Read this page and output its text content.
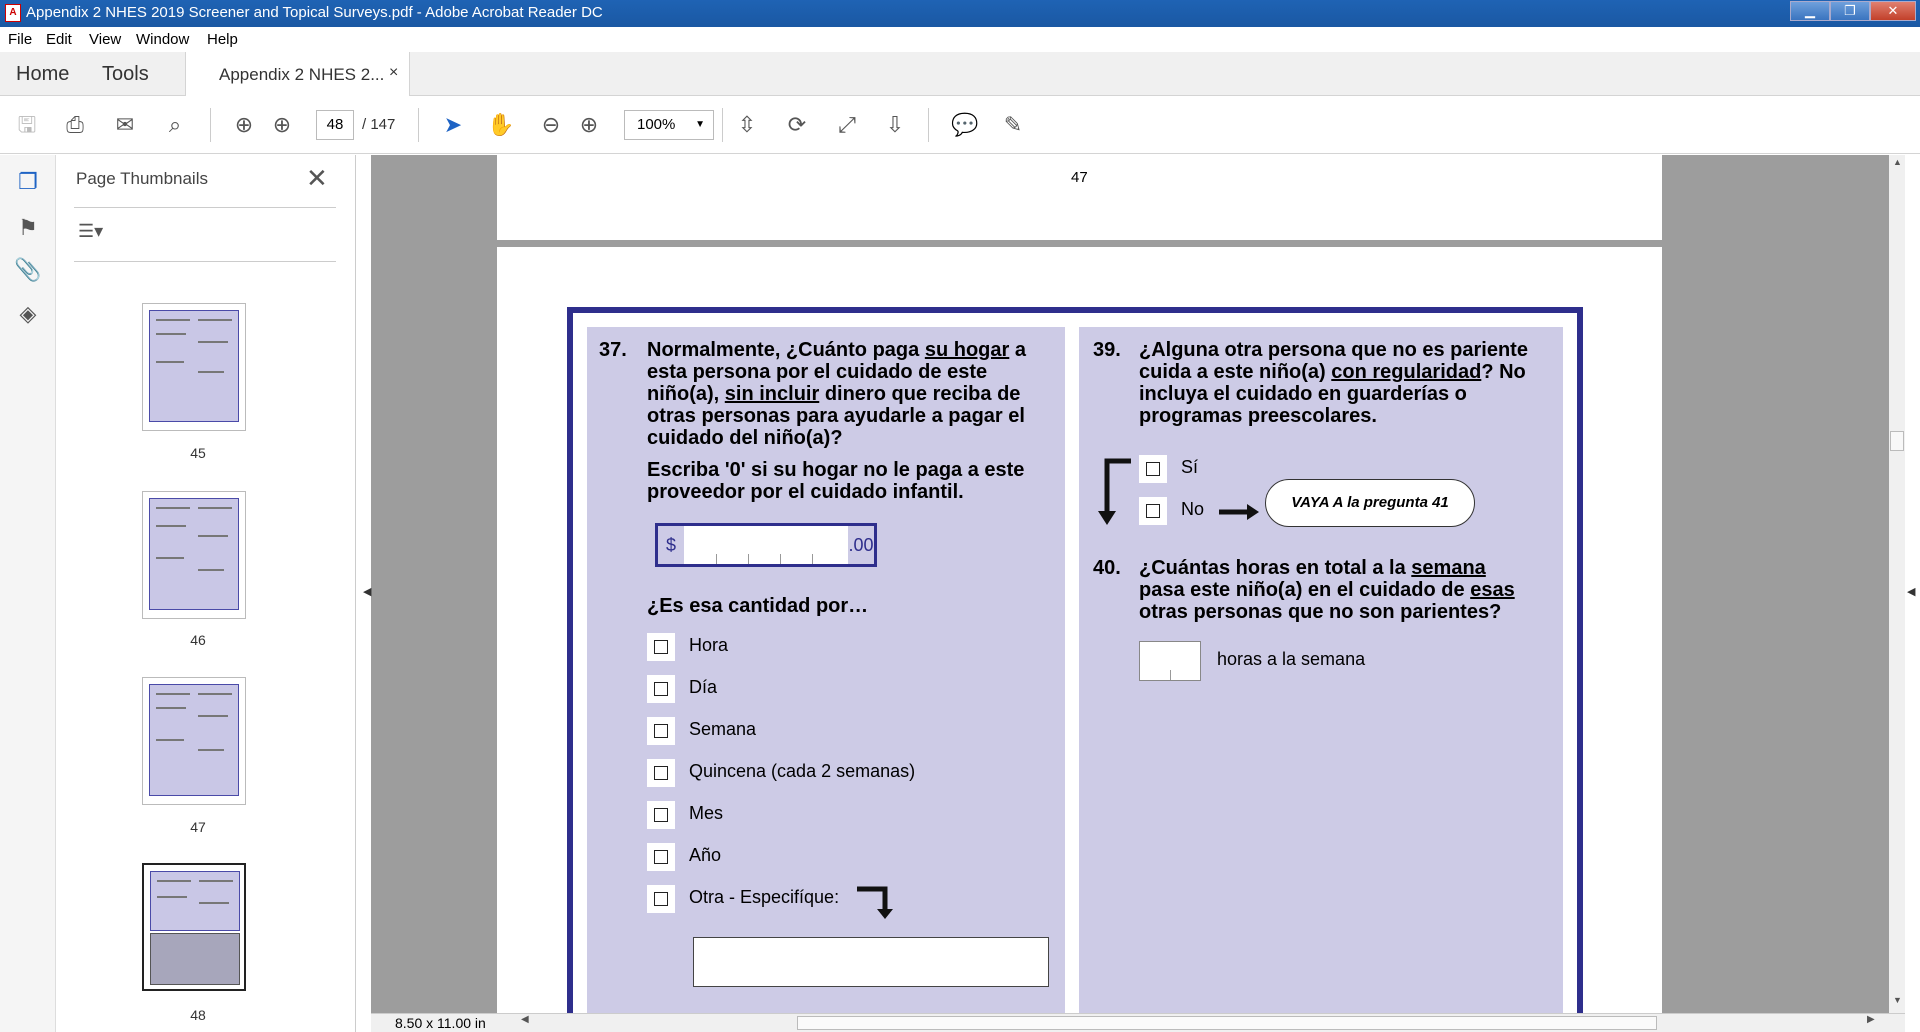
A Appendix 2 NHES 2019 Screener and Topical Surveys.pdf - Adobe Acrobat Reader DC	▁	❐	✕
File Edit View Window Help
Home Tools	Appendix 2 NHES 2... ×
🖫 ⎙ ✉	⌕	⊕ ⊕	48	/ 147 ➤ ✋ ⊖ ⊕	100% ▼ ⇳ ⟳ ⤢ ⇩ 💬 ✎
❐
⚑
📎
◈
Page Thumbnails	✕
☰▾
45
46
47
48
◀
47
37. Normalmente, ¿Cuánto paga su hogar a
esta persona por el cuidado de este
niño(a), sin incluir dinero que reciba de
otras personas para ayudarle a pagar el
cuidado del niño(a)?
Escriba '0' si su hogar no le paga a este
proveedor por el cuidado infantil.
$	.00
¿Es esa cantidad por…
Hora
Día
Semana
Quincena (cada 2 semanas)
Mes
Año
Otra - Especifíque:
39. ¿Alguna otra persona que no es pariente
cuida a este niño(a) con regularidad? No
incluya el cuidado en guarderías o
programas preescolares.
Sí
No	VAYA A la pregunta 41
40. ¿Cuántas horas en total a la semana
pasa este niño(a) en el cuidado de esas
otras personas que no son parientes?
horas a la semana
▲
▼
◀
8.50 x 11.00 in	◀	▶
